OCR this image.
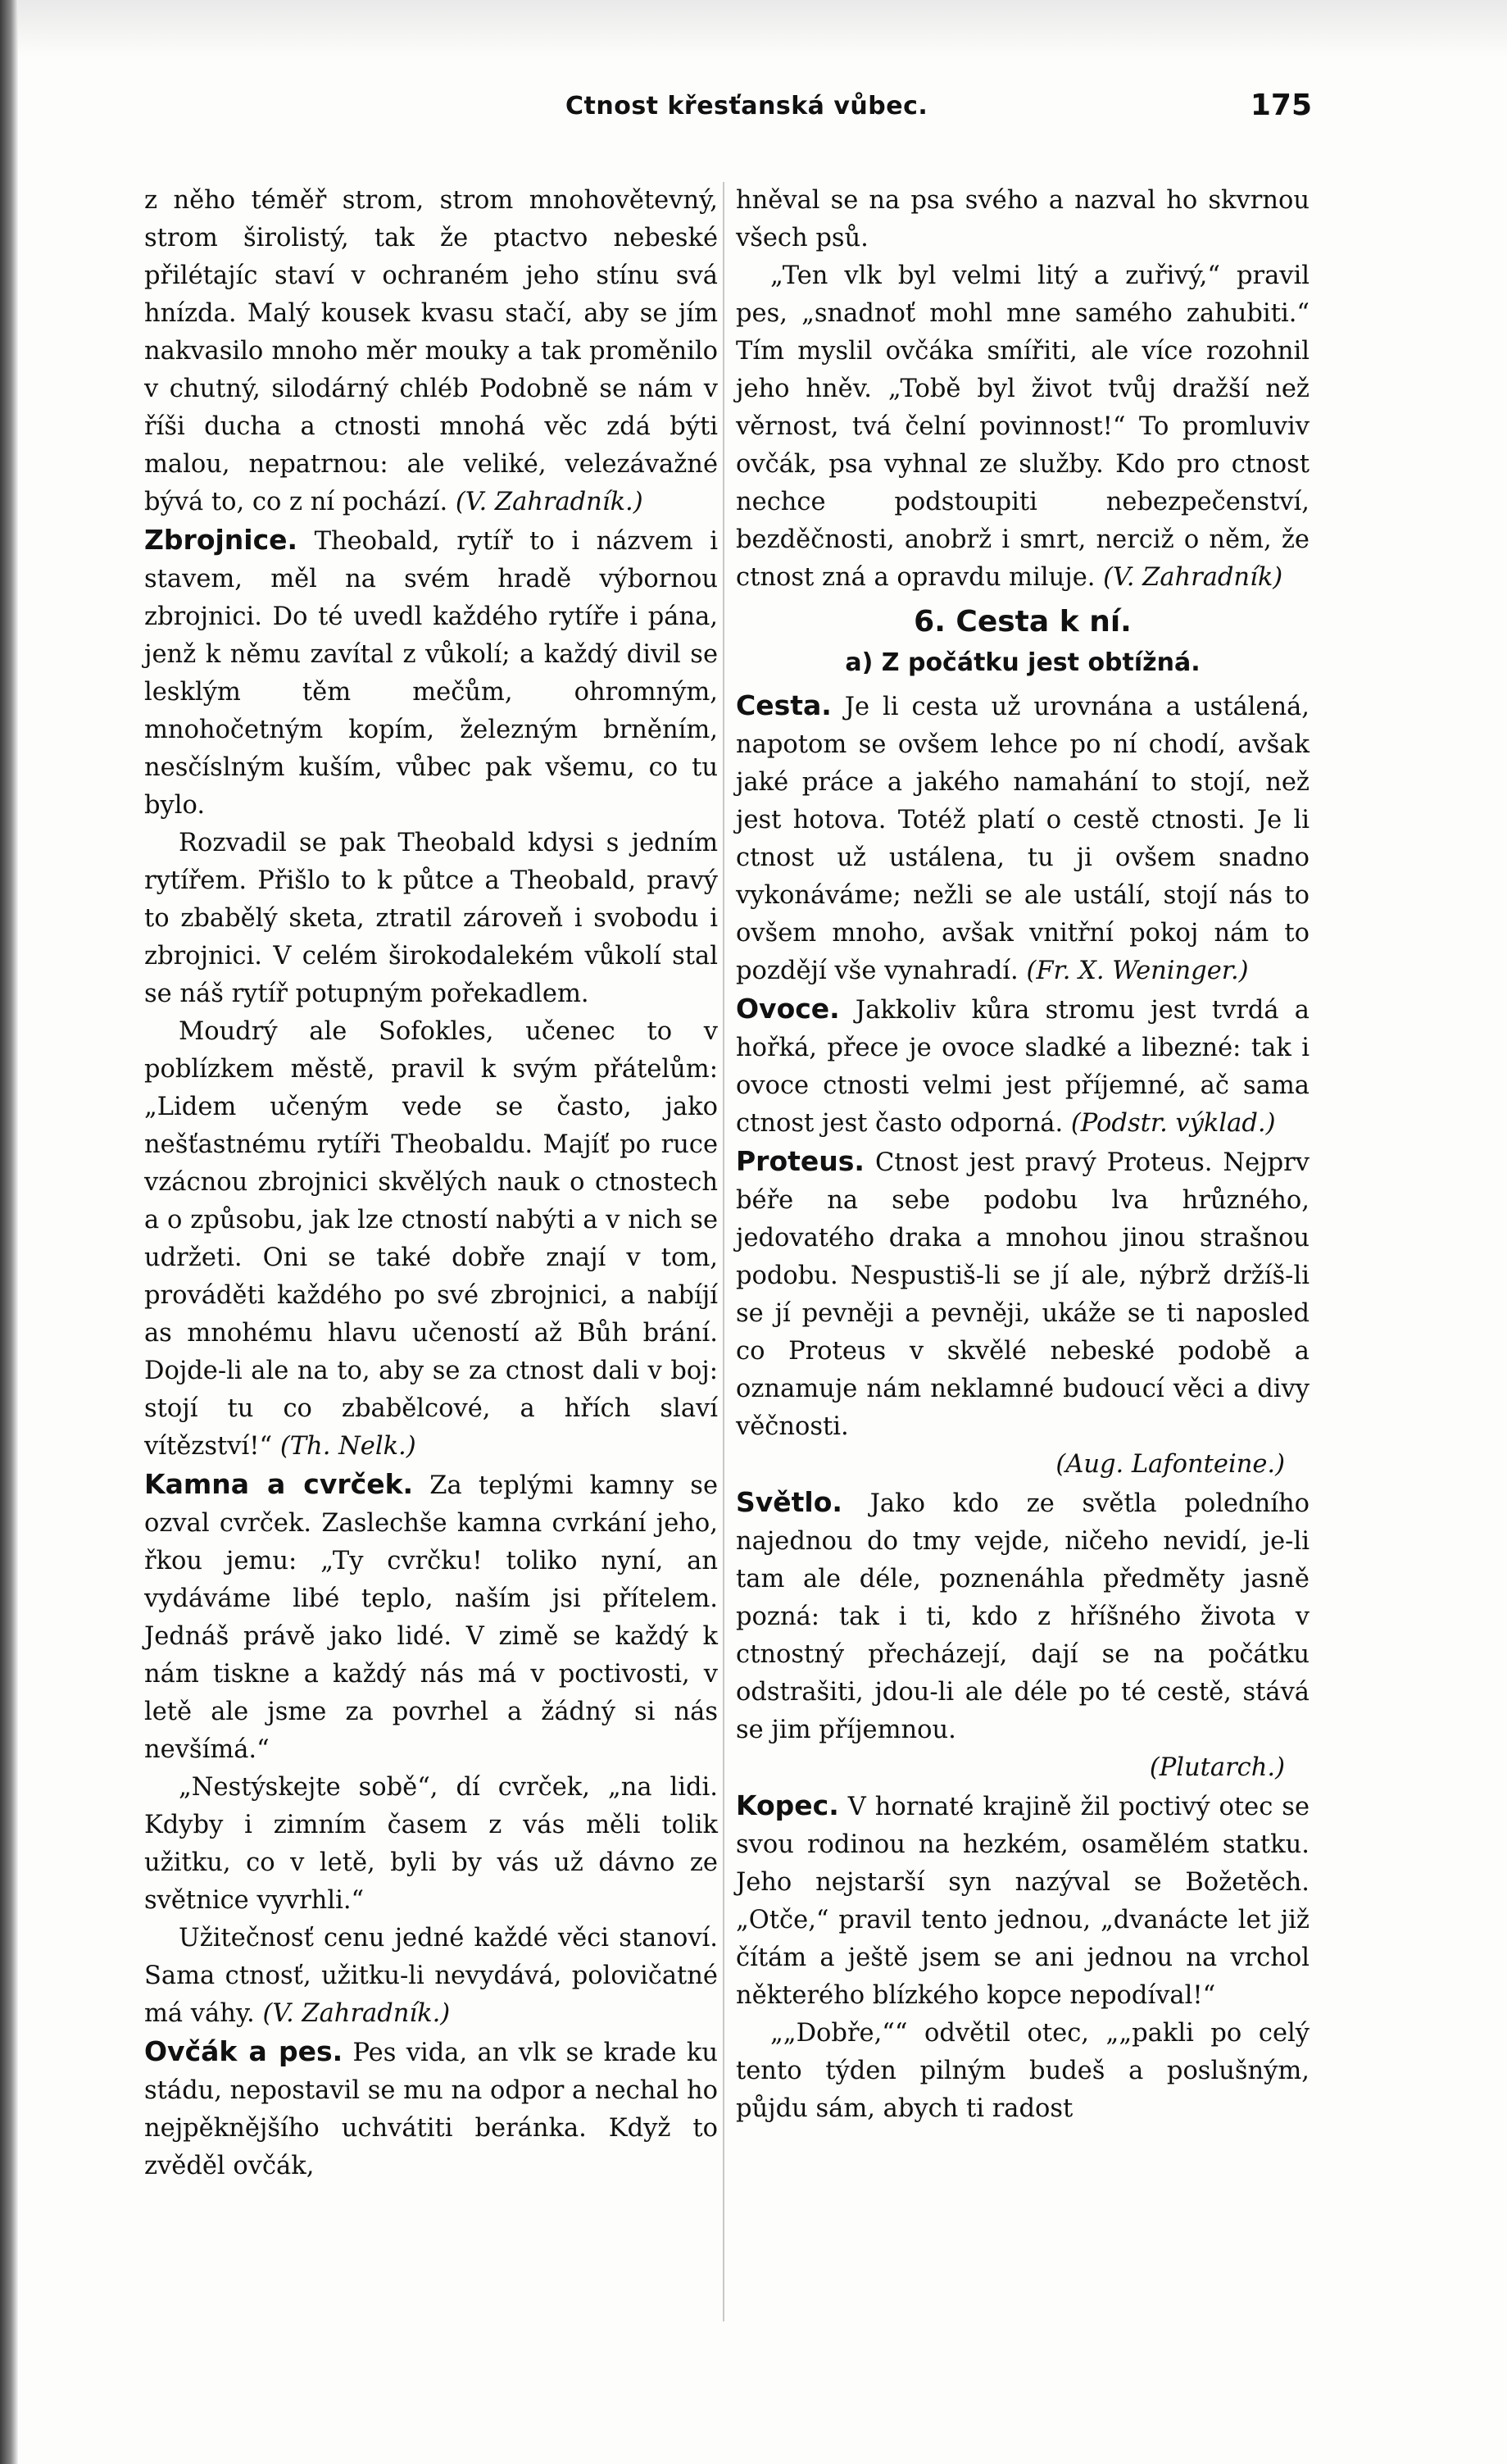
Ctnost křesťanská vůbec.	175

z něho téměř strom, strom mnohovětevný, strom širolistý, tak že ptactvo nebeské přilétajíc staví v ochraném jeho stínu svá hnízda. Malý kousek kvasu stačí, aby se jím nakvasilo mnoho měr mouky a tak proměnilo v chutný, silodárný chléb Podobně se nám v říši ducha a ctnosti mnohá věc zdá býti malou, nepatrnou: ale veliké, velezávažné bývá to, co z ní pochází. (V. Zahradník.)

Zbrojnice. Theobald, rytíř to i názvem i stavem, měl na svém hradě výbornou zbrojnici. Do té uvedl každého rytíře i pána, jenž k němu zavítal z vůkolí; a každý divil se lesklým těm mečům, ohromným, mnohočetným kopím, železným brněním, nesčíslným kuším, vůbec pak všemu, co tu bylo.

Rozvadil se pak Theobald kdysi s jedním rytířem. Přišlo to k půtce a Theobald, pravý to zbabělý sketa, ztratil zároveň i svobodu i zbrojnici. V celém širokodalekém vůkolí stal se náš rytíř potupným pořekadlem.

Moudrý ale Sofokles, učenec to v poblízkem městě, pravil k svým přátelům: „Lidem učeným vede se často, jako nešťastnému rytíři Theobaldu. Majíť po ruce vzácnou zbrojnici skvělých nauk o ctnostech a o způsobu, jak lze ctností nabýti a v nich se udržeti. Oni se také dobře znají v tom, prováděti každého po své zbrojnici, a nabíjí as mnohému hlavu učeností až Bůh brání. Dojde-li ale na to, aby se za ctnost dali v boj: stojí tu co zbabělcové, a hřích slaví vítězství!“ (Th. Nelk.)

Kamna a cvrček. Za teplými kamny se ozval cvrček. Zaslechše kamna cvrkání jeho, řkou jemu: „Ty cvrčku! toliko nyní, an vydáváme libé teplo, naším jsi přítelem. Jednáš právě jako lidé. V zimě se každý k nám tiskne a každý nás má v poctivosti, v letě ale jsme za povrhel a žádný si nás nevšímá.“

„Nestýskejte sobě“, dí cvrček, „na lidi. Kdyby i zimním časem z vás měli tolik užitku, co v letě, byli by vás už dávno ze světnice vyvrhli.“

Užitečnosť cenu jedné každé věci stanoví. Sama ctnosť, užitku-li nevydává, polovičatné má váhy. (V. Zahradník.)

Ovčák a pes. Pes vida, an vlk se krade ku stádu, nepostavil se mu na odpor a nechal ho nejpěknějšího uchvátiti beránka. Když to zvěděl ovčák,

hněval se na psa svého a nazval ho skvrnou všech psů.

„Ten vlk byl velmi litý a zuřivý,“ pravil pes, „snadnoť mohl mne samého zahubiti.“ Tím myslil ovčáka smířiti, ale více rozohnil jeho hněv. „Tobě byl život tvůj dražší než věrnost, tvá čelní povinnost!“ To promluviv ovčák, psa vyhnal ze služby. Kdo pro ctnost nechce podstoupiti nebezpečenství, bezděčnosti, anobrž i smrt, nerciž o něm, že ctnost zná a opravdu miluje. (V. Zahradník)

6. Cesta k ní.

a) Z počátku jest obtížná.

Cesta. Je li cesta už urovnána a ustálená, napotom se ovšem lehce po ní chodí, avšak jaké práce a jakého namahání to stojí, než jest hotova. Totéž platí o cestě ctnosti. Je li ctnost už ustálena, tu ji ovšem snadno vykonáváme; nežli se ale ustálí, stojí nás to ovšem mnoho, avšak vnitřní pokoj nám to pozdějí vše vynahradí. (Fr. X. Weninger.)

Ovoce. Jakkoliv kůra stromu jest tvrdá a hořká, přece je ovoce sladké a libezné: tak i ovoce ctnosti velmi jest příjemné, ač sama ctnost jest často odporná. (Podstr. výklad.)

Proteus. Ctnost jest pravý Proteus. Nejprv béře na sebe podobu lva hrůzného, jedovatého draka a mnohou jinou strašnou podobu. Nespustiš-li se jí ale, nýbrž držíš-li se jí pevněji a pevněji, ukáže se ti naposled co Proteus v skvělé nebeské podobě a oznamuje nám neklamné budoucí věci a divy věčnosti.

(Aug. Lafonteine.)

Světlo. Jako kdo ze světla poledního najednou do tmy vejde, ničeho nevidí, je-li tam ale déle, poznenáhla předměty jasně pozná: tak i ti, kdo z hříšného života v ctnostný přecházejí, dají se na počátku odstrašiti, jdou-li ale déle po té cestě, stává se jim příjemnou.

(Plutarch.)

Kopec. V hornaté krajině žil poctivý otec se svou rodinou na hezkém, osamělém statku. Jeho nejstarší syn nazýval se Božetěch. „Otče,“ pravil tento jednou, „dvanácte let již čítám a ještě jsem se ani jednou na vrchol některého blízkého kopce nepodíval!“

„„Dobře,““ odvětil otec, „„pakli po celý tento týden pilným budeš a poslušným, půjdu sám, abych ti radost
